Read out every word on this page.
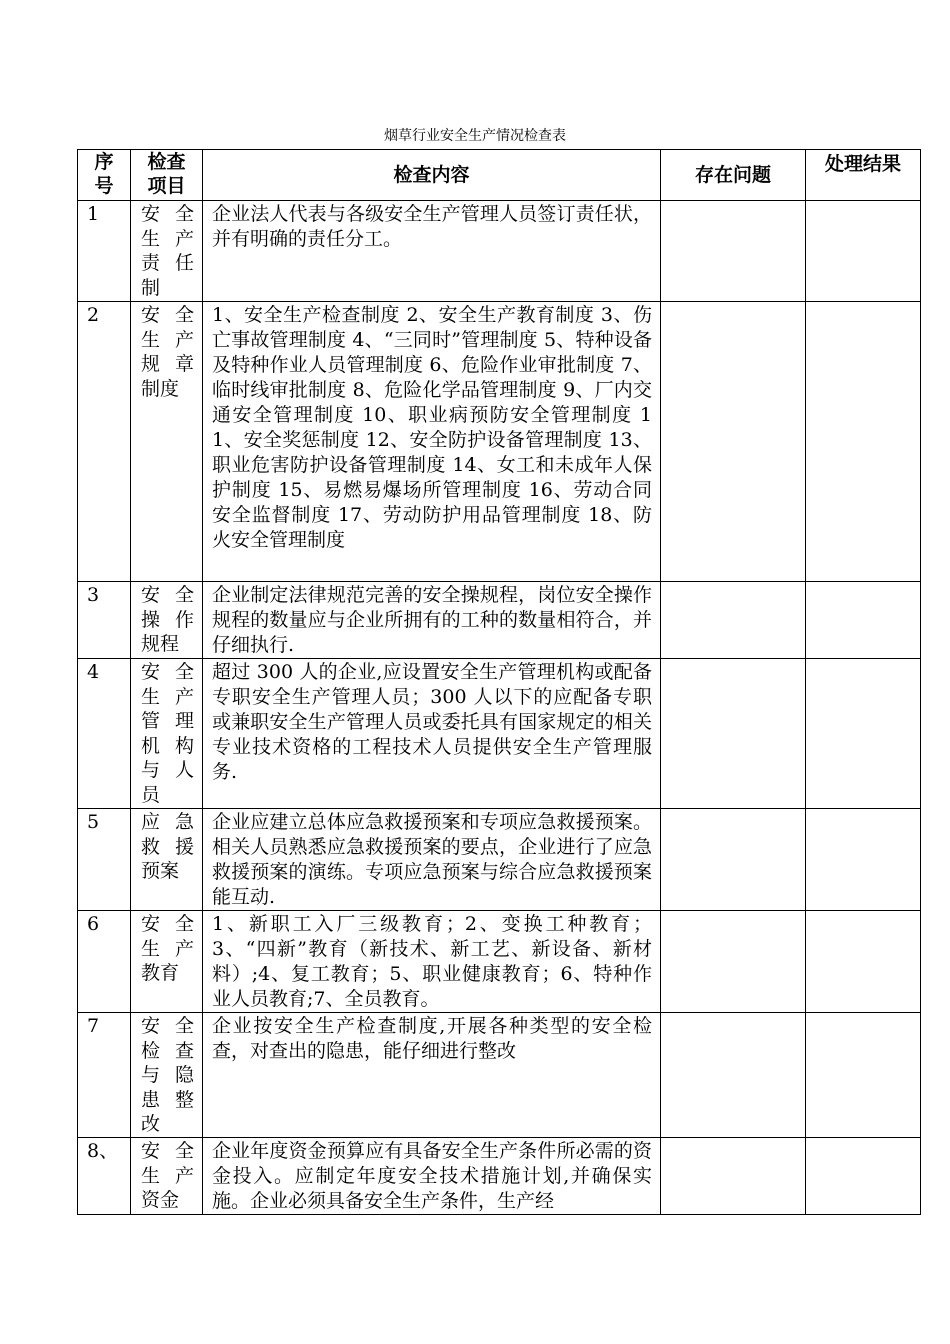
烟草行业安全生产情况检查表
序号	检查项目	检查内容	存在问题	处理结果
1	安全生产责任制	企业法人代表与各级安全生产管理人员签订责任状，并有明确的责任分工。		
2	安全生产规章制度	1、安全生产检查制度 2、安全生产教育制度 3、伤亡事故管理制度 4、“三同时”管理制度 5、特种设备及特种作业人员管理制度 6、危险作业审批制度 7、临时线审批制度 8、危险化学品管理制度 9、厂内交通安全管理制度 10、职业病预防安全管理制度 11、安全奖惩制度 12、安全防护设备管理制度 13、职业危害防护设备管理制度 14、女工和未成年人保护制度 15、易燃易爆场所管理制度 16、劳动合同安全监督制度 17、劳动防护用品管理制度 18、防火安全管理制度		
3	安全操作规程	企业制定法律规范完善的安全操规程，岗位安全操作规程的数量应与企业所拥有的工种的数量相符合，并仔细执行.		
4	安全生产管理机构与人员	超过 300 人的企业,应设置安全生产管理机构或配备专职安全生产管理人员；300 人以下的应配备专职或兼职安全生产管理人员或委托具有国家规定的相关专业技术资格的工程技术人员提供安全生产管理服务.		
5	应急救援预案	企业应建立总体应急救援预案和专项应急救援预案。相关人员熟悉应急救援预案的要点，企业进行了应急救援预案的演练。专项应急预案与综合应急救援预案能互动.		
6	安全生产教育	1、新职工入厂三级教育；2、变换工种教育；3、“四新”教育（新技术、新工艺、新设备、新材料）;4、复工教育；5、职业健康教育；6、特种作业人员教育;7、全员教育。		
7	安全检查与隐患整改	企业按安全生产检查制度,开展各种类型的安全检查，对查出的隐患，能仔细进行整改		
8、	安全生产资金	企业年度资金预算应有具备安全生产条件所必需的资金投入。应制定年度安全技术措施计划,并确保实施。企业必须具备安全生产条件，生产经		
